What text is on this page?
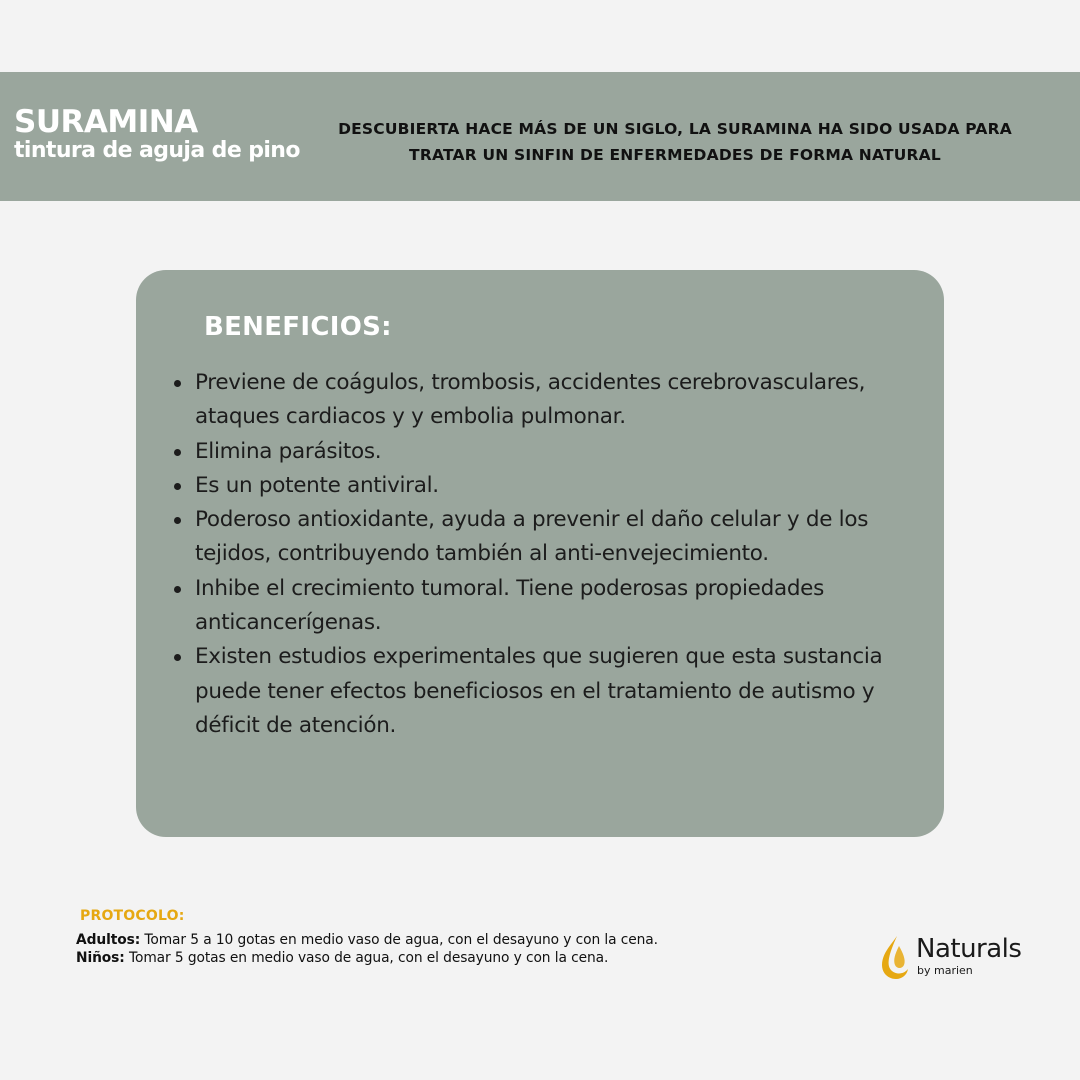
SURAMINA
tintura de aguja de pino
DESCUBIERTA HACE MÁS DE UN SIGLO, LA SURAMINA HA SIDO USADA PARA
TRATAR UN SINFIN DE ENFERMEDADES DE FORMA NATURAL
BENEFICIOS:
Previene de coágulos, trombosis, accidentes cerebrovasculares, ataques cardiacos y y embolia pulmonar.
Elimina parásitos.
Es un potente antiviral.
Poderoso antioxidante, ayuda a prevenir el daño celular y de los tejidos, contribuyendo también al anti-envejecimiento.
Inhibe el crecimiento tumoral. Tiene poderosas propiedades anticancerígenas.
Existen estudios experimentales que sugieren que esta sustancia puede tener efectos beneficiosos en el tratamiento de autismo y déficit de atención.
PROTOCOLO:
Adultos: Tomar 5 a 10 gotas en medio vaso de agua, con el desayuno y con la cena.
Niños: Tomar 5 gotas en medio vaso de agua, con el desayuno y con la cena.	Naturals
by marien
